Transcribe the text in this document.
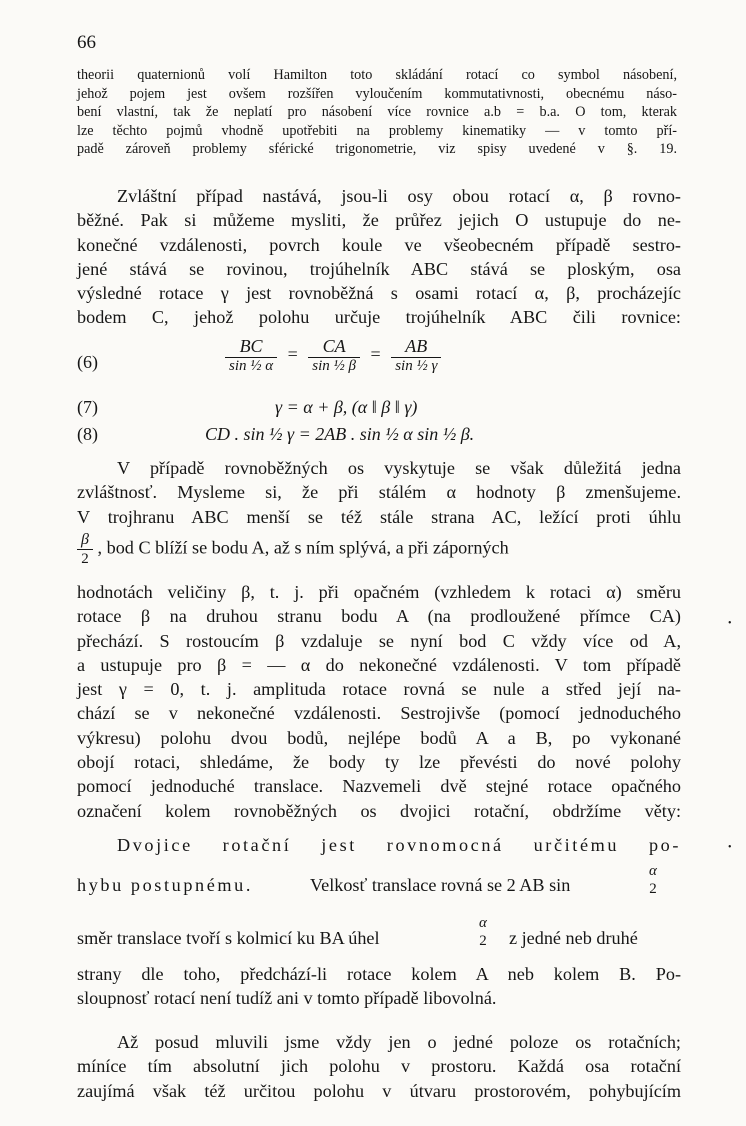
66
theorii quaternionů volí Hamilton toto skládání rotací co symbol násobení,
jehož pojem jest ovšem rozšířen vyloučením kommutativnosti, obecnému náso-
bení vlastní, tak že neplatí pro násobení více rovnice a.b = b.a. O tom, kterak
lze těchto pojmů vhodně upotřebiti na problemy kinematiky — v tomto pří-
padě zároveň problemy sférické trigonometrie, viz spisy uvedené v §. 19.
Zvláštní případ nastává, jsou-li osy obou rotací α, β rovno-
běžné. Pak si můžeme mysliti, že průřez jejich O ustupuje do ne-
konečné vzdálenosti, povrch koule ve všeobecném případě sestro-
jené stává se rovinou, trojúhelník ABC stává se ploským, osa
výsledné rotace γ jest rovnoběžná s osami rotací α, β, procházejíc
bodem C, jehož polohu určuje trojúhelník ABC čili rovnice:
(6)	$\frac{BC}{\text{sin ½ α}} = \frac{CA}{\text{sin ½ β}} = \frac{AB}{\text{sin ½ γ}}$
(7)	γ = α + β, (α ‖ β ‖ γ)
(8)	CD . sin ½ γ = 2AB . sin ½ α sin ½ β.
V případě rovnoběžných os vyskytuje se však důležitá jedna
zvláštnosť. Mysleme si, že při stálém α hodnoty β zmenšujeme.
V trojhranu ABC menší se též stále strana AC, ležící proti úhlu
$\frac{\beta}{2}$ , bod C blíží se bodu A, až s ním splývá, a při záporných
hodnotách veličiny β, t. j. při opačném (vzhledem k rotaci α) směru
rotace β na druhou stranu bodu A (na prodloužené přímce CA)
přechází. S rostoucím β vzdaluje se nyní bod C vždy více od A,
a ustupuje pro β = — α do nekonečné vzdálenosti. V tom případě
jest γ = 0, t. j. amplituda rotace rovná se nule a střed její na-
chází se v nekonečné vzdálenosti. Sestrojivše (pomocí jednoduchého
výkresu) polohu dvou bodů, nejlépe bodů A a B, po vykonané
obojí rotaci, shledáme, že body ty lze převésti do nové polohy
pomocí jednoduché translace. Nazvemeli dvě stejné rotace opačného
označení kolem rovnoběžných os dvojici rotační, obdržíme věty:
Dvojice rotační jest rovnomocná určitému po-
hybu postupnému.	Velkosť translace rovná se 2 AB sin
α
2
směr translace tvoří s kolmicí ku BA úhel
α
2 z jedné neb druhé
strany dle toho, předchází-li rotace kolem A neb kolem B. Po-
sloupnosť rotací není tudíž ani v tomto případě libovolná.
Až posud mluvili jsme vždy jen o jedné poloze os rotačních;
míníce tím absolutní jich polohu v prostoru. Každá osa rotační
zaujímá však též určitou polohu v útvaru prostorovém, pohybujícím
•
•
